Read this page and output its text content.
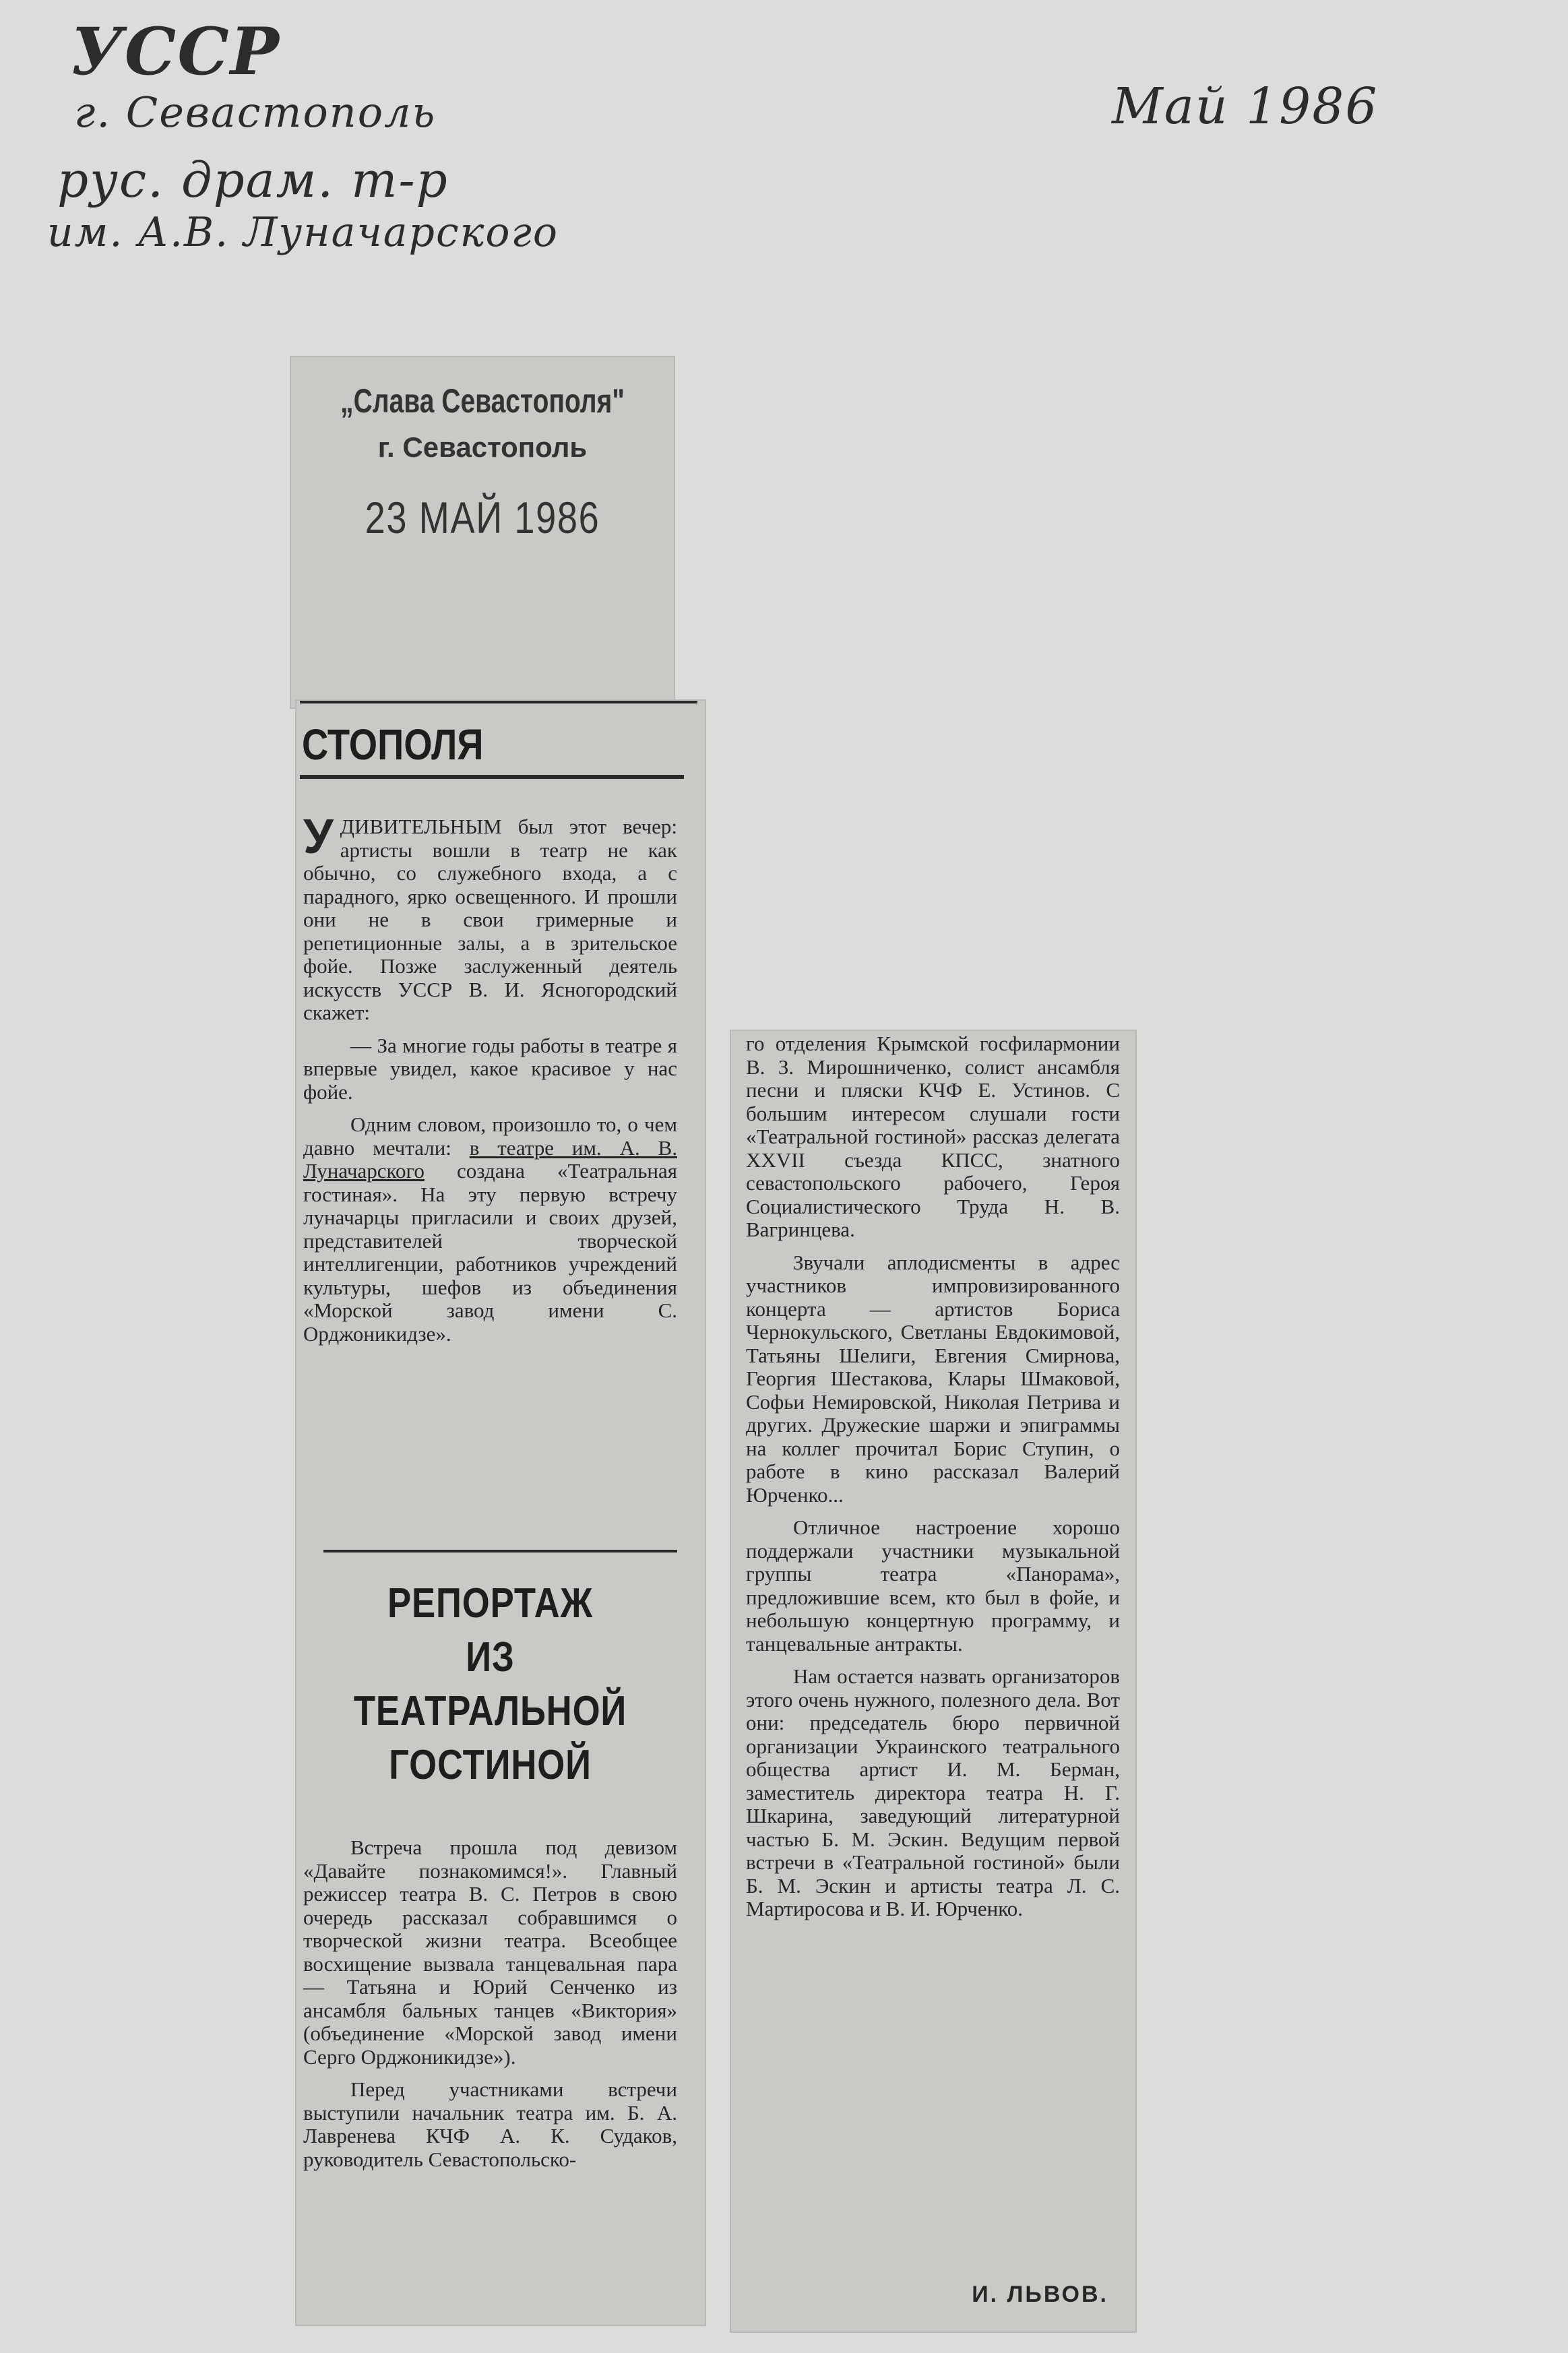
УССР
г. Севастополь
рус. драм. т-р
им. А.В. Луначарского
Май 1986
„Слава Севастополя"
г. Севастополь
23 МАЙ 1986
СТОПОЛЯ

УДИВИТЕЛЬНЫМ был этот вечер: артисты вошли в театр не как обычно, со служебного входа, а с парадного, ярко освещенного. И прошли они не в свои гримерные и репетиционные залы, а в зрительское фойе. Позже заслуженный деятель искусств УССР В. И. Ясногородский скажет:

— За многие годы работы в театре я впервые увидел, какое красивое у нас фойе.

Одним словом, произошло то, о чем давно мечтали: в театре им. А. В. Луначарского создана «Театральная гостиная». На эту первую встречу луначарцы пригласили и своих друзей, представителей творческой интеллигенции, работников учреждений культуры, шефов из объединения «Морской завод имени С. Орджоникидзе».

РЕПОРТАЖ
ИЗ ТЕАТРАЛЬНОЙ
ГОСТИНОЙ

Встреча прошла под девизом «Давайте познакомимся!». Главный режиссер театра В. С. Петров в свою очередь рассказал собравшимся о творческой жизни театра. Всеобщее восхищение вызвала танцевальная пара — Татьяна и Юрий Сенченко из ансамбля бальных танцев «Виктория» (объединение «Морской завод имени Серго Орджоникидзе»).

Перед участниками встречи выступили начальник театра им. Б. А. Лавренева КЧФ А. К. Судаков, руководитель Севастопольско-

го отделения Крымской госфилармонии В. З. Мирошниченко, солист ансамбля песни и пляски КЧФ Е. Устинов. С большим интересом слушали гости «Театральной гостиной» рассказ делегата XXVII съезда КПСС, знатного севастопольского рабочего, Героя Социалистического Труда Н. В. Вагринцева.

Звучали аплодисменты в адрес участников импровизированного концерта — артистов Бориса Чернокульского, Светланы Евдокимовой, Татьяны Шелиги, Евгения Смирнова, Георгия Шестакова, Клары Шмаковой, Софьи Немировской, Николая Петрива и других. Дружеские шаржи и эпиграммы на коллег прочитал Борис Ступин, о работе в кино рассказал Валерий Юрченко...

Отличное настроение хорошо поддержали участники музыкальной группы театра «Панорама», предложившие всем, кто был в фойе, и небольшую концертную программу, и танцевальные антракты.

Нам остается назвать организаторов этого очень нужного, полезного дела. Вот они: председатель бюро первичной организации Украинского театрального общества артист И. М. Берман, заместитель директора театра Н. Г. Шкарина, заведующий литературной частью Б. М. Эскин. Ведущим первой встречи в «Театральной гостиной» были Б. М. Эскин и артисты театра Л. С. Мартиросова и В. И. Юрченко.

И. ЛЬВОВ.
